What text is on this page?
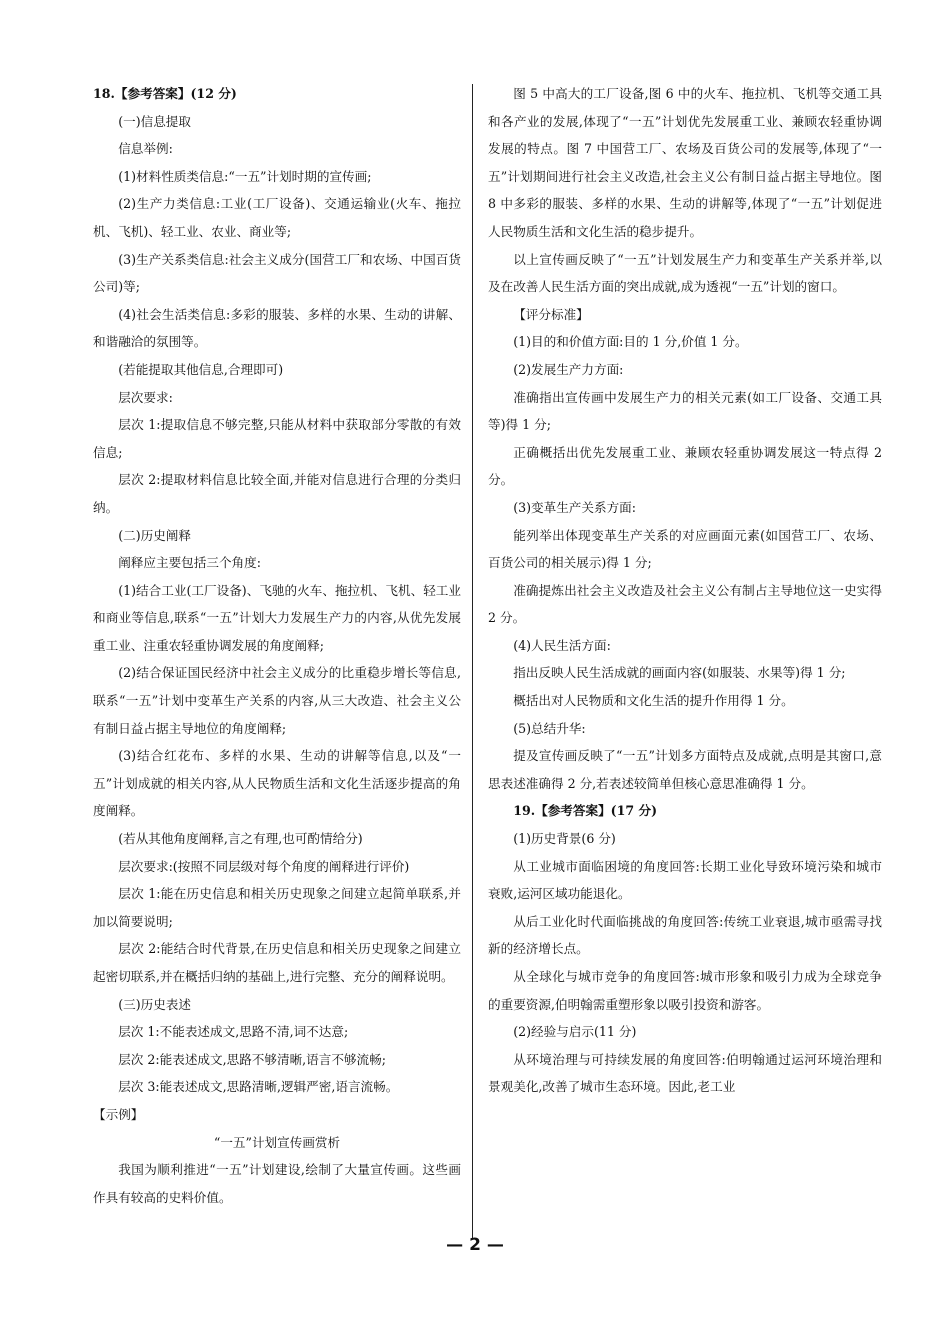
18.【参考答案】(12 分)

(一)信息提取

信息举例:

(1)材料性质类信息:“一五”计划时期的宣传画;

(2)生产力类信息:工业(工厂设备)、交通运输业(火车、拖拉机、飞机)、轻工业、农业、商业等;

(3)生产关系类信息:社会主义成分(国营工厂和农场、中国百货公司)等;

(4)社会生活类信息:多彩的服装、多样的水果、生动的讲解、和谐融洽的氛围等。

(若能提取其他信息,合理即可)

层次要求:

层次 1:提取信息不够完整,只能从材料中获取部分零散的有效信息;

层次 2:提取材料信息比较全面,并能对信息进行合理的分类归纳。

(二)历史阐释

阐释应主要包括三个角度:

(1)结合工业(工厂设备)、飞驰的火车、拖拉机、飞机、轻工业和商业等信息,联系“一五”计划大力发展生产力的内容,从优先发展重工业、注重农轻重协调发展的角度阐释;

(2)结合保证国民经济中社会主义成分的比重稳步增长等信息,联系“一五”计划中变革生产关系的内容,从三大改造、社会主义公有制日益占据主导地位的角度阐释;

(3)结合红花布、多样的水果、生动的讲解等信息,以及“一五”计划成就的相关内容,从人民物质生活和文化生活逐步提高的角度阐释。

(若从其他角度阐释,言之有理,也可酌情给分)

层次要求:(按照不同层级对每个角度的阐释进行评价)

层次 1:能在历史信息和相关历史现象之间建立起简单联系,并加以简要说明;

层次 2:能结合时代背景,在历史信息和相关历史现象之间建立起密切联系,并在概括归纳的基础上,进行完整、充分的阐释说明。

(三)历史表述

层次 1:不能表述成文,思路不清,词不达意;

层次 2:能表述成文,思路不够清晰,语言不够流畅;

层次 3:能表述成文,思路清晰,逻辑严密,语言流畅。

【示例】

“一五”计划宣传画赏析

我国为顺利推进“一五”计划建设,绘制了大量宣传画。这些画作具有较高的史料价值。

图 5 中高大的工厂设备,图 6 中的火车、拖拉机、飞机等交通工具和各产业的发展,体现了“一五”计划优先发展重工业、兼顾农轻重协调发展的特点。图 7 中国营工厂、农场及百货公司的发展等,体现了“一五”计划期间进行社会主义改造,社会主义公有制日益占据主导地位。图 8 中多彩的服装、多样的水果、生动的讲解等,体现了“一五”计划促进人民物质生活和文化生活的稳步提升。

以上宣传画反映了“一五”计划发展生产力和变革生产关系并举,以及在改善人民生活方面的突出成就,成为透视“一五”计划的窗口。

【评分标准】

(1)目的和价值方面:目的 1 分,价值 1 分。

(2)发展生产力方面:

准确指出宣传画中发展生产力的相关元素(如工厂设备、交通工具等)得 1 分;

正确概括出优先发展重工业、兼顾农轻重协调发展这一特点得 2 分。

(3)变革生产关系方面:

能列举出体现变革生产关系的对应画面元素(如国营工厂、农场、百货公司的相关展示)得 1 分;

准确提炼出社会主义改造及社会主义公有制占主导地位这一史实得 2 分。

(4)人民生活方面:

指出反映人民生活成就的画面内容(如服装、水果等)得 1 分;

概括出对人民物质和文化生活的提升作用得 1 分。

(5)总结升华:

提及宣传画反映了“一五”计划多方面特点及成就,点明是其窗口,意思表述准确得 2 分,若表述较简单但核心意思准确得 1 分。

19.【参考答案】(17 分)

(1)历史背景(6 分)

从工业城市面临困境的角度回答:长期工业化导致环境污染和城市衰败,运河区域功能退化。

从后工业化时代面临挑战的角度回答:传统工业衰退,城市亟需寻找新的经济增长点。

从全球化与城市竞争的角度回答:城市形象和吸引力成为全球竞争的重要资源,伯明翰需重塑形象以吸引投资和游客。

(2)经验与启示(11 分)

从环境治理与可持续发展的角度回答:伯明翰通过运河环境治理和景观美化,改善了城市生态环境。因此,老工业

— 2 —
